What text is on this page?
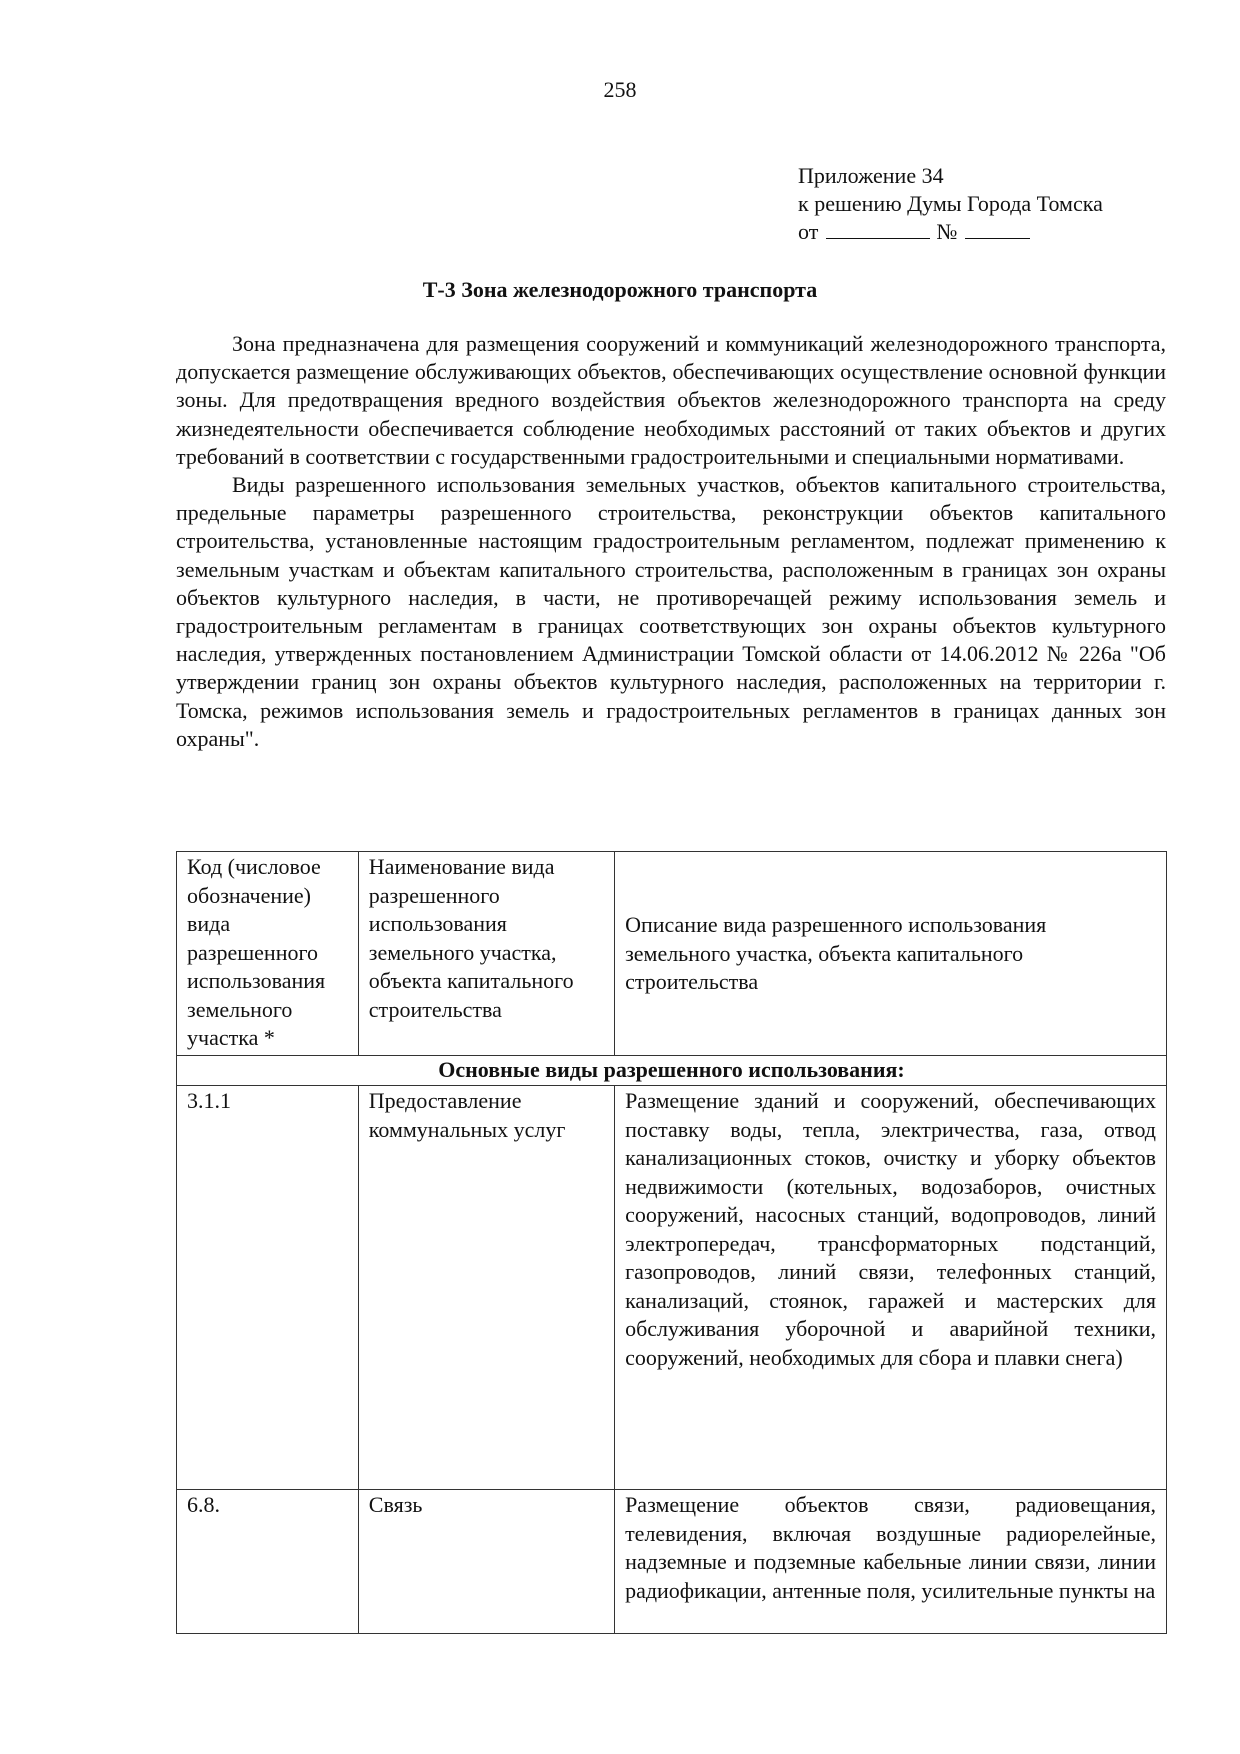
258
Приложение 34
к решению Думы Города Томска
от	№
Т-3 Зона железнодорожного транспорта

Зона предназначена для размещения сооружений и коммуникаций железнодорожного транспорта, допускается размещение обслуживающих объектов, обеспечивающих осуществление основной функции зоны. Для предотвращения вредного воздействия объектов железнодорожного транспорта на среду жизнедеятельности обеспечивается соблюдение необходимых расстояний от таких объектов и других требований в соответствии с государственными градостроительными и специальными нормативами.

Виды разрешенного использования земельных участков, объектов капитального строительства, предельные параметры разрешенного строительства, реконструкции объектов капитального строительства, установленные настоящим градостроительным регламентом, подлежат применению к земельным участкам и объектам капитального строительства, расположенным в границах зон охраны объектов культурного наследия, в части, не противоречащей режиму использования земель и градостроительным регламентам в границах соответствующих зон охраны объектов культурного наследия, утвержденных постановлением Администрации Томской области от 14.06.2012 № 226а "Об утверждении границ зон охраны объектов культурного наследия, расположенных на территории г. Томска, режимов использования земель и градостроительных регламентов в границах данных зон охраны".

Код (числовое обозначение) вида разрешенного использования земельного участка *	Наименование вида разрешенного использования земельного участка, объекта капитального строительства	Описание вида разрешенного использования земельного участка, объекта капитального строительства
Основные виды разрешенного использования:		
3.1.1	Предоставление коммунальных услуг	Размещение зданий и сооружений, обеспечивающих поставку воды, тепла, электричества, газа, отвод канализационных стоков, очистку и уборку объектов недвижимости (котельных, водозаборов, очистных сооружений, насосных станций, водопроводов, линий электропередач, трансформаторных подстанций, газопроводов, линий связи, телефонных станций, канализаций, стоянок, гаражей и мастерских для обслуживания уборочной и аварийной техники, сооружений, необходимых для сбора и плавки снега)
6.8.	Связь	Размещение объектов связи, радиовещания, телевидения, включая воздушные радиорелейные, надземные и подземные кабельные линии связи, линии радиофикации, антенные поля, усилительные пункты на
